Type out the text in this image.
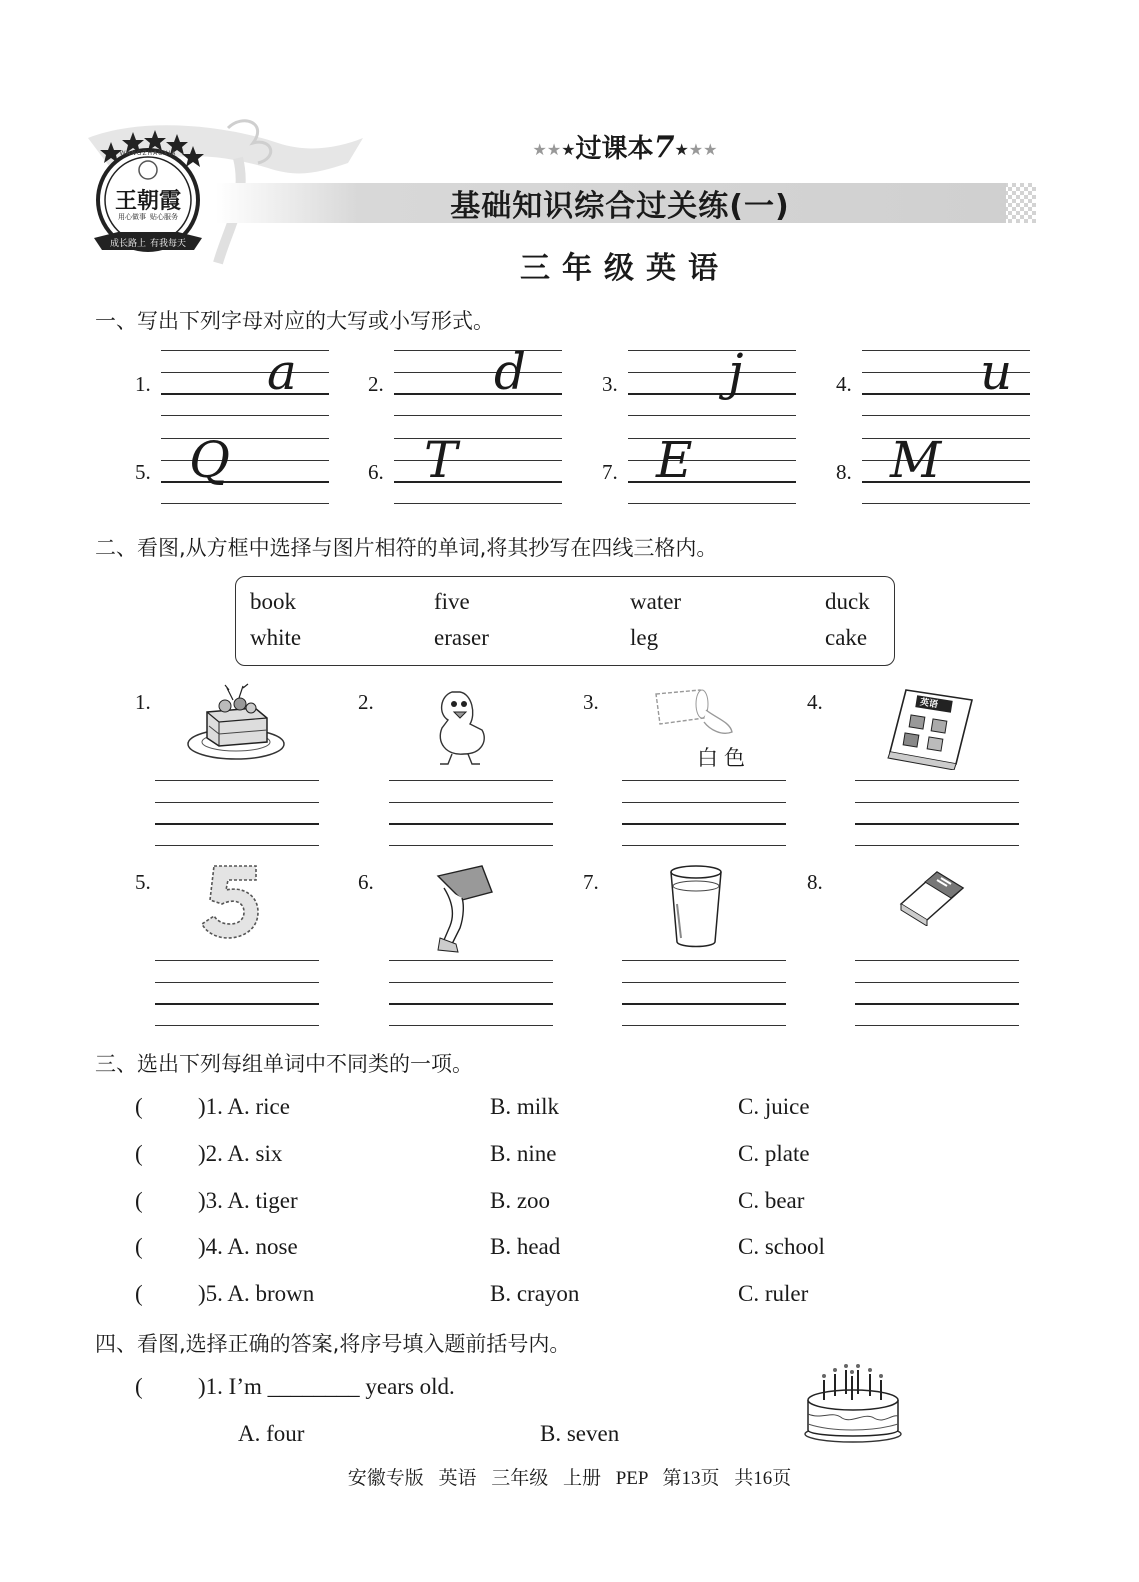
王朝霞
WANGZHAOXIA
用心做事 贴心服务
成长路上 有我每天
★★★过课本7★★★
基础知识综合过关练(一)
三年级英语
一、写出下列字母对应的大写或小写形式。
1. a	2. d	3. j	4.	u
5. Q	6. T	7. E	8. M
二、看图,从方框中选择与图片相符的单词,将其抄写在四线三格内。
book	five	water	duck
white	eraser	leg	cake
1.	2.	3.	4.
5.	6.	7.	8.
白色
英语
三、选出下列每组单词中不同类的一项。
( )1. A. rice	B. milk	C. juice
( )2. A. six	B. nine	C. plate
( )3. A. tiger	B. zoo	C. bear
( )4. A. nose	B. head	C. school
( )5. A. brown	B. crayon	C. ruler
四、看图,选择正确的答案,将序号填入题前括号内。
( )1. I’m ________ years old.
A. four	B. seven
安徽专版 英语 三年级 上册 PEP 第13页 共16页
